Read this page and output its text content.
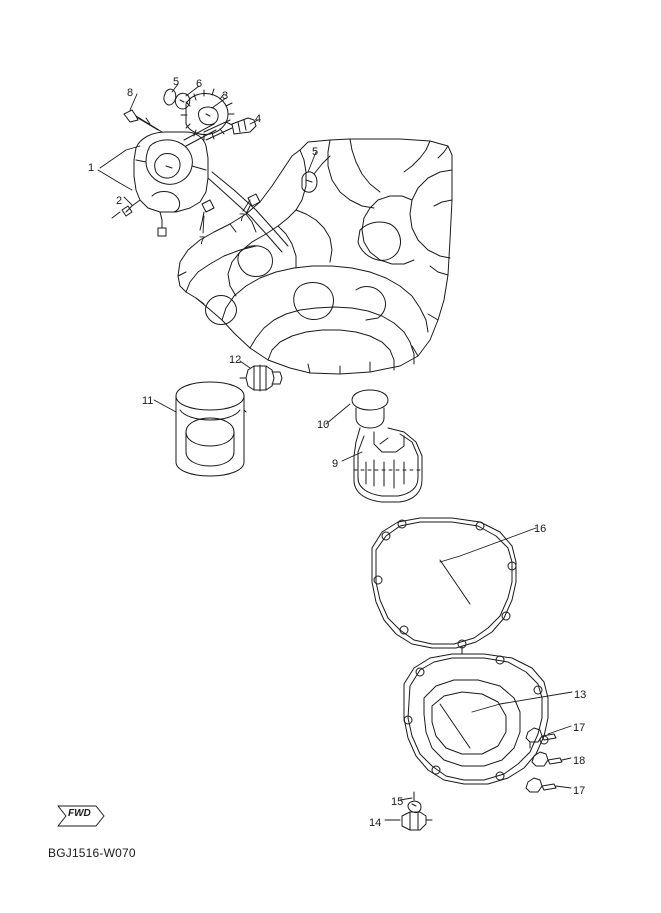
FWD
BGJ1516-W070
1
2
3
4
5 6
7
7
8
5
9
10
11
12
13
14
15
16
17
18
17
